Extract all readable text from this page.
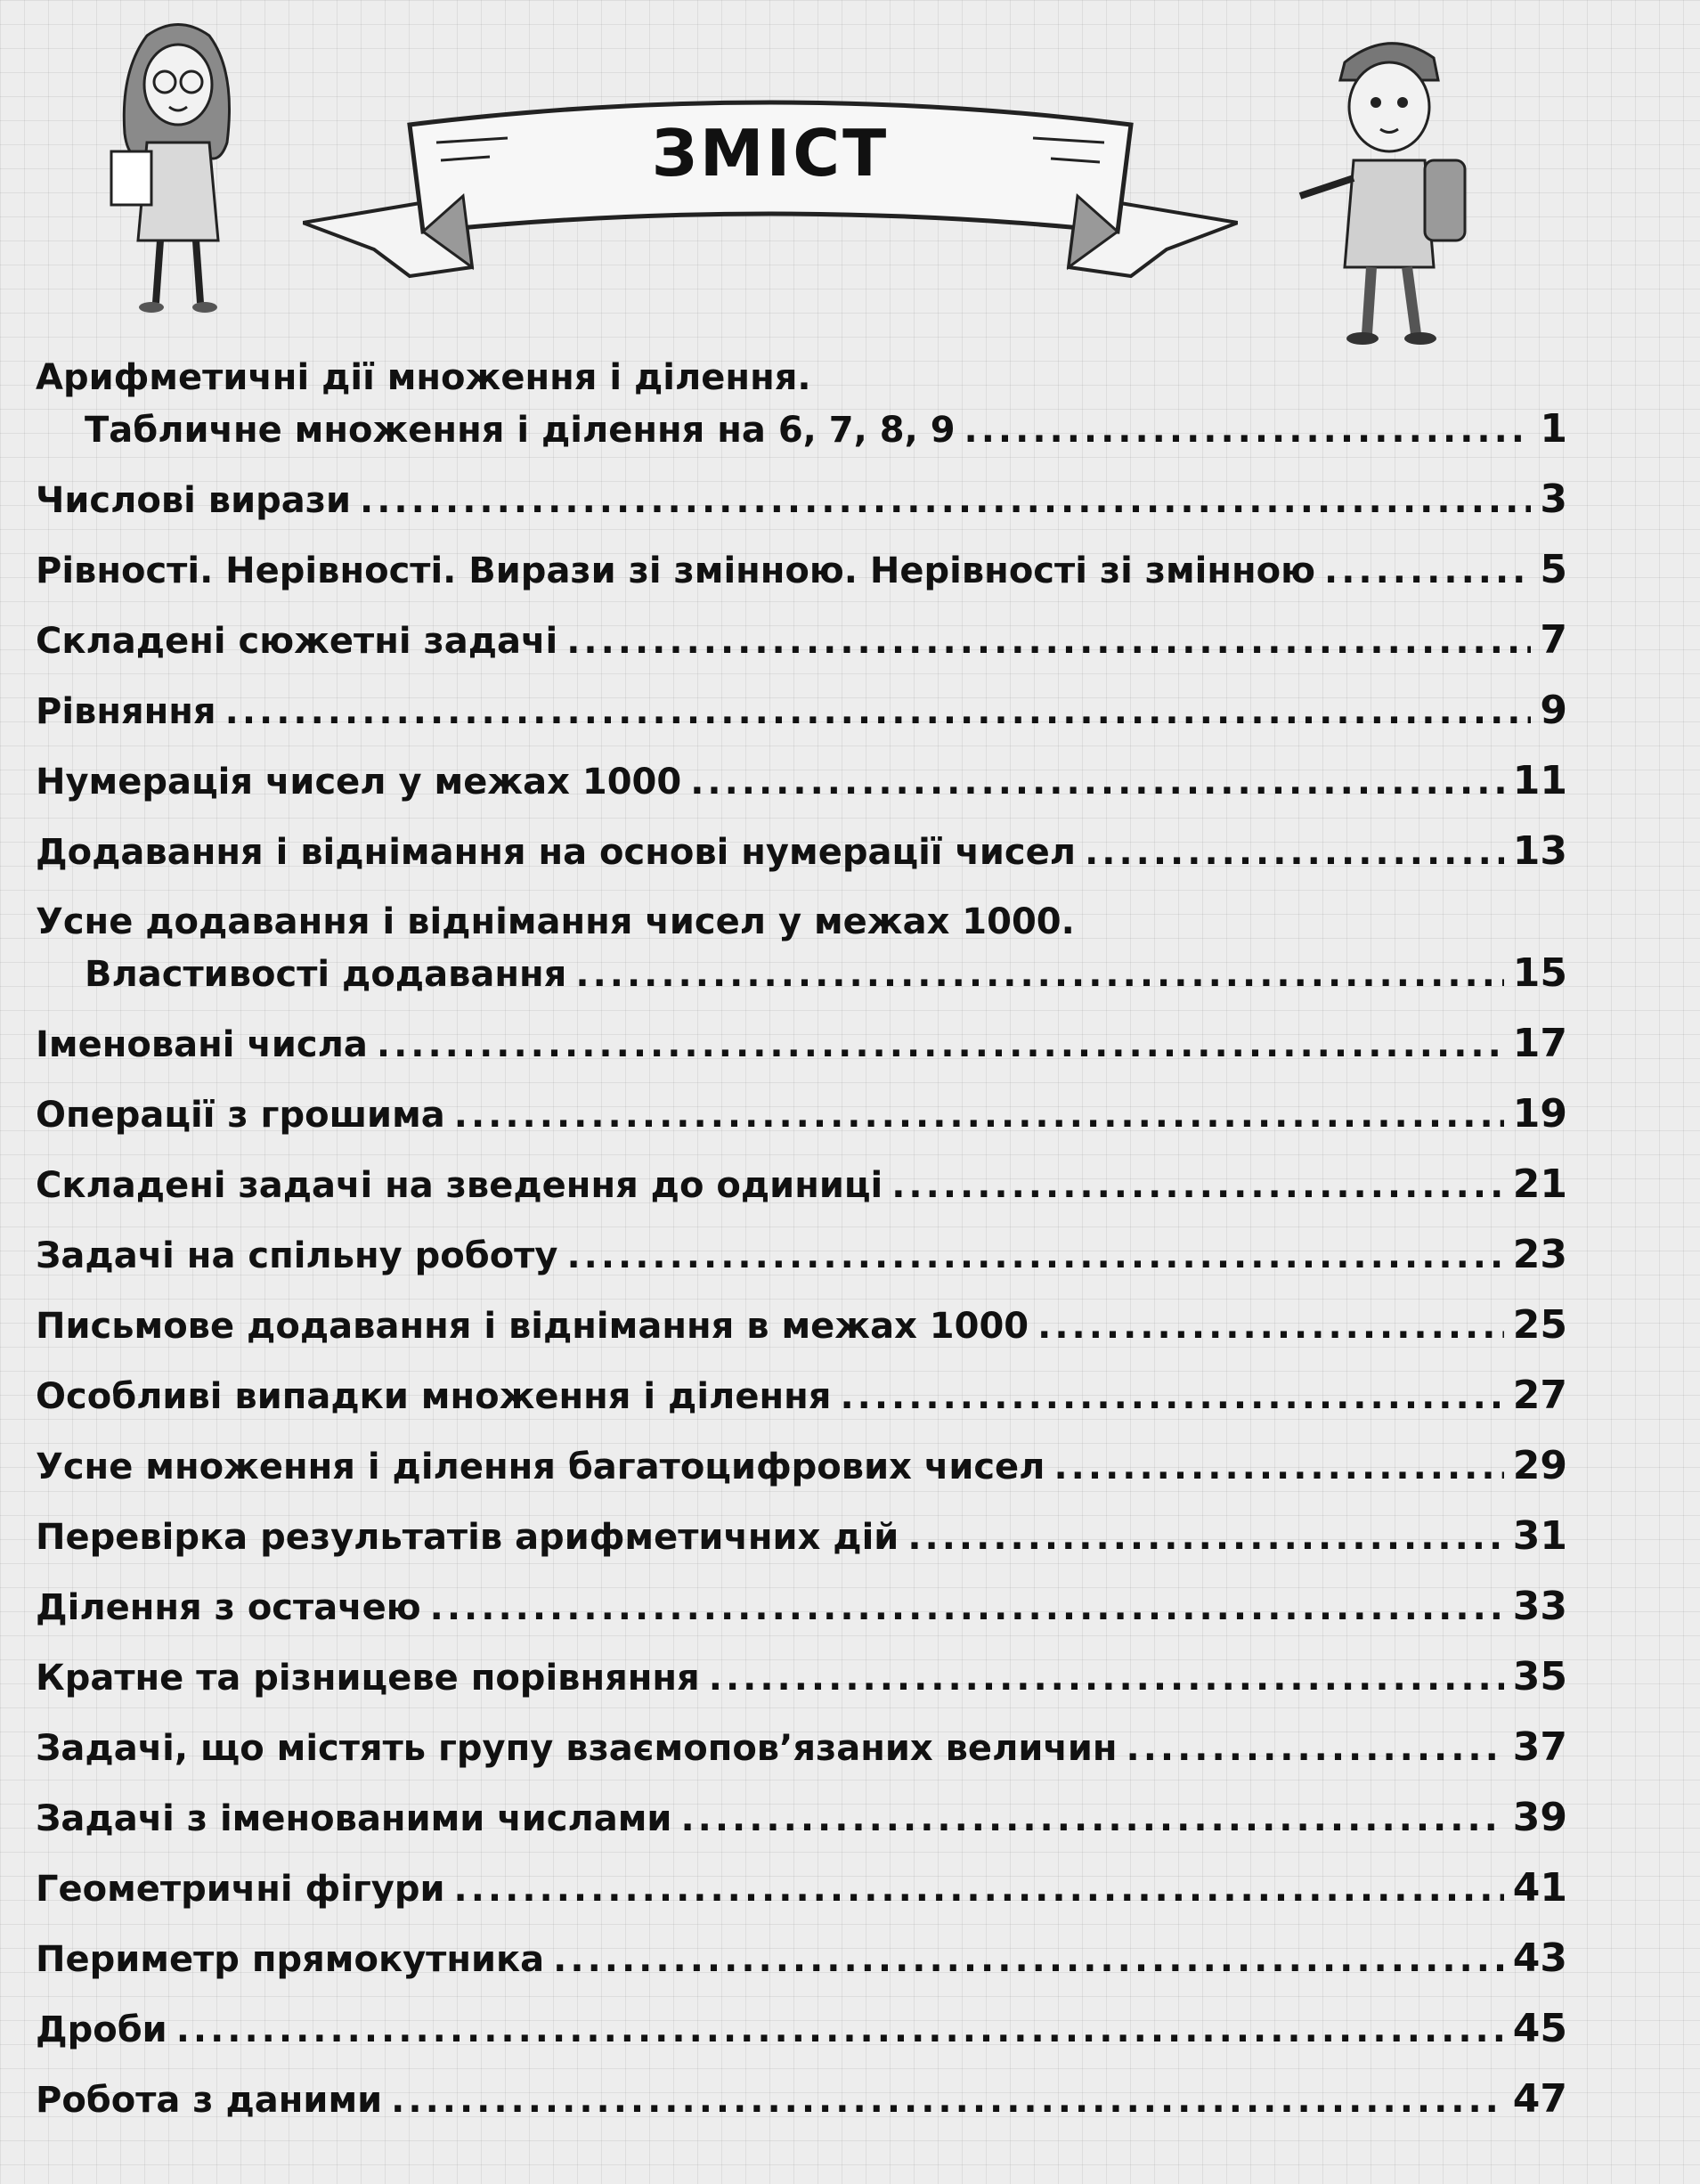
ЗМІСТ
Арифметичні дії множення і ділення.
Табличне множення і ділення на 6, 7, 8, 9 .....	1
Числові вирази .....	3
Рівності. Нерівності. Вирази зі змінною. Нерівності зі змінною .....	5
Складені сюжетні задачі .....	7
Рівняння .....	9
Нумерація чисел у межах 1000 .....	11
Додавання і віднімання на основі нумерації чисел .....	13
Усне додавання і віднімання чисел у межах 1000.
Властивості додавання .....	15
Іменовані числа .....	17
Операції з грошима .....	19
Складені задачі на зведення до одиниці .....	21
Задачі на спільну роботу .....	23
Письмове додавання і віднімання в межах 1000 .....	25
Особливі випадки множення і ділення .....	27
Усне множення і ділення багатоцифрових чисел .....	29
Перевірка результатів арифметичних дій .....	31
Ділення з остачею .....	33
Кратне та різницеве порівняння .....	35
Задачі, що містять групу взаємопов’язаних величин .....	37
Задачі з іменованими числами .....	39
Геометричні фігури .....	41
Периметр прямокутника .....	43
Дроби .....	45
Робота з даними .....	47
